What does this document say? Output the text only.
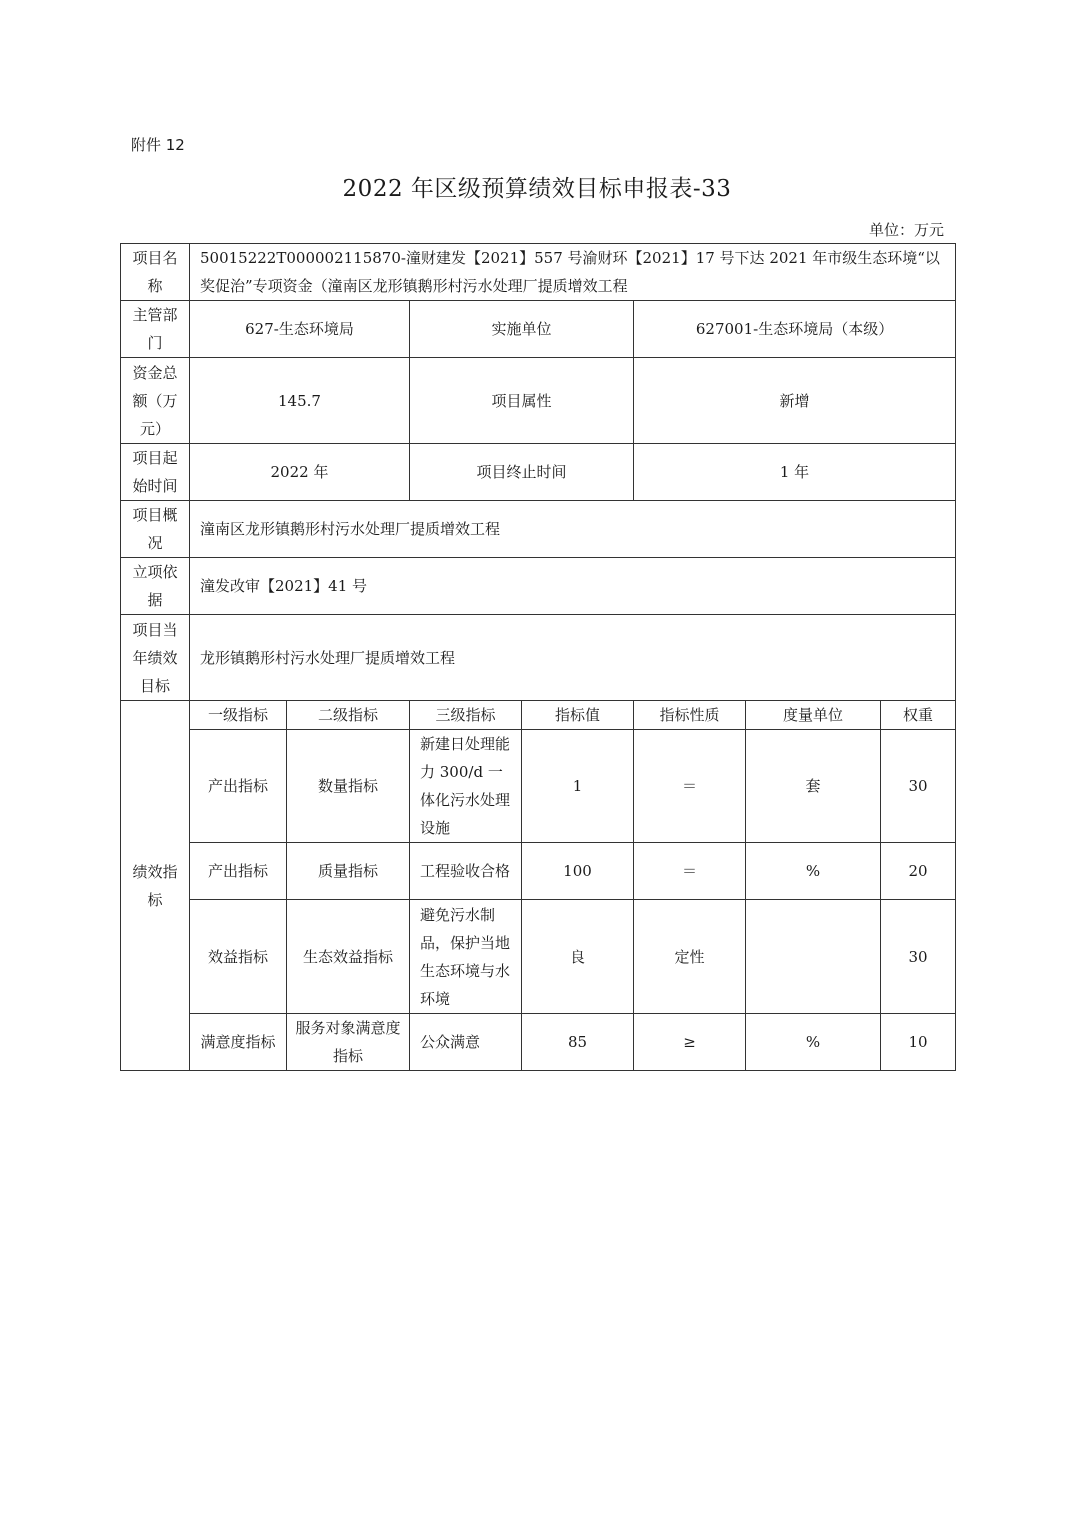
附件 12
2022 年区级预算绩效目标申报表-33
单位：万元
项目名称	50015222T000002115870-潼财建发【2021】557 号渝财环【2021】17 号下达 2021 年市级生态环境“以奖促治”专项资金（潼南区龙形镇鹅形村污水处理厂提质增效工程						
主管部门	627-生态环境局		实施单位		627001-生态环境局（本级）		
资金总额（万元）	145.7		项目属性		新增		
项目起始时间	2022 年		项目终止时间		1 年		
项目概况	潼南区龙形镇鹅形村污水处理厂提质增效工程						
立项依据	潼发改审【2021】41 号						
项目当年绩效目标	龙形镇鹅形村污水处理厂提质增效工程						
绩效指标	一级指标	二级指标	三级指标	指标值	指标性质	度量单位	权重
	产出指标	数量指标	新建日处理能力 300/d 一体化污水处理设施	1	＝	套	30
	产出指标	质量指标	工程验收合格	100	＝	%	20
	效益指标	生态效益指标	避免污水制品，保护当地生态环境与水环境	良	定性		30
	满意度指标	服务对象满意度指标	公众满意	85	≥	%	10
